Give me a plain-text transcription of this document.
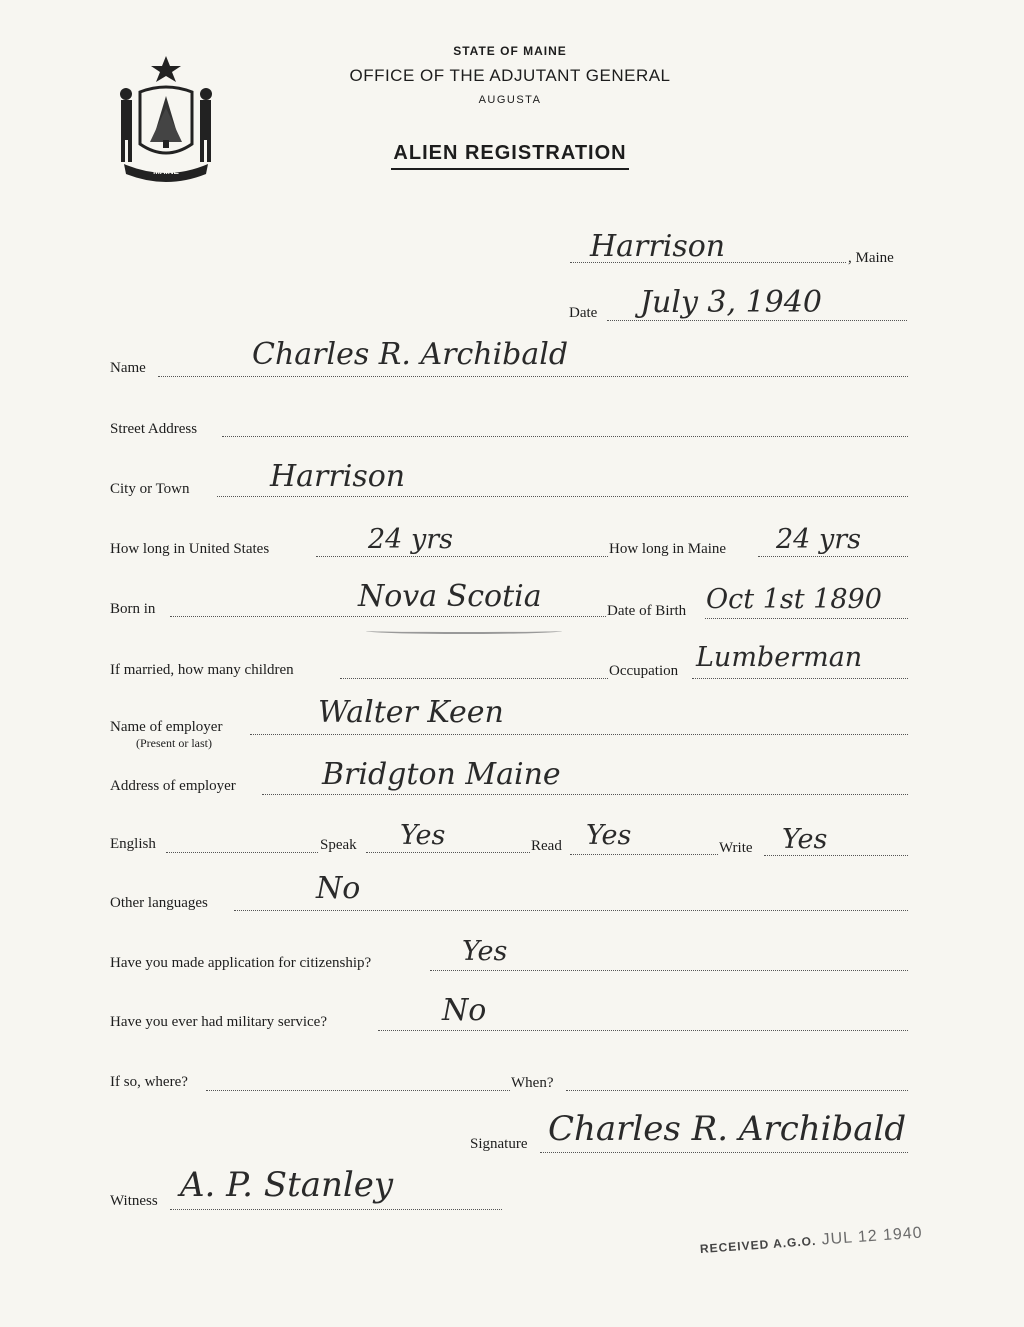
MAINE
STATE OF MAINE
OFFICE OF THE ADJUTANT GENERAL
AUGUSTA
ALIEN REGISTRATION
Harrison	, Maine
Date July 3, 1940
Name	Charles R. Archibald
Street Address
City or Town	Harrison
How long in United States	24 yrs	How long in Maine 24 yrs
Born in	Nova Scotia	Date of Birth Oct 1st 1890
If married, how many children	Occupation Lumberman
Name of employer
(Present or last)
Walter Keen
Address of employer	Bridgton Maine
English	Speak Yes	Read Yes	Write Yes
Other languages	No
Have you made application for citizenship?	Yes
Have you ever had military service?	No
If so, where?	When?
Signature Charles R. Archibald
Witness A. P. Stanley
RECEIVED A.G.O. JUL 12 1940
